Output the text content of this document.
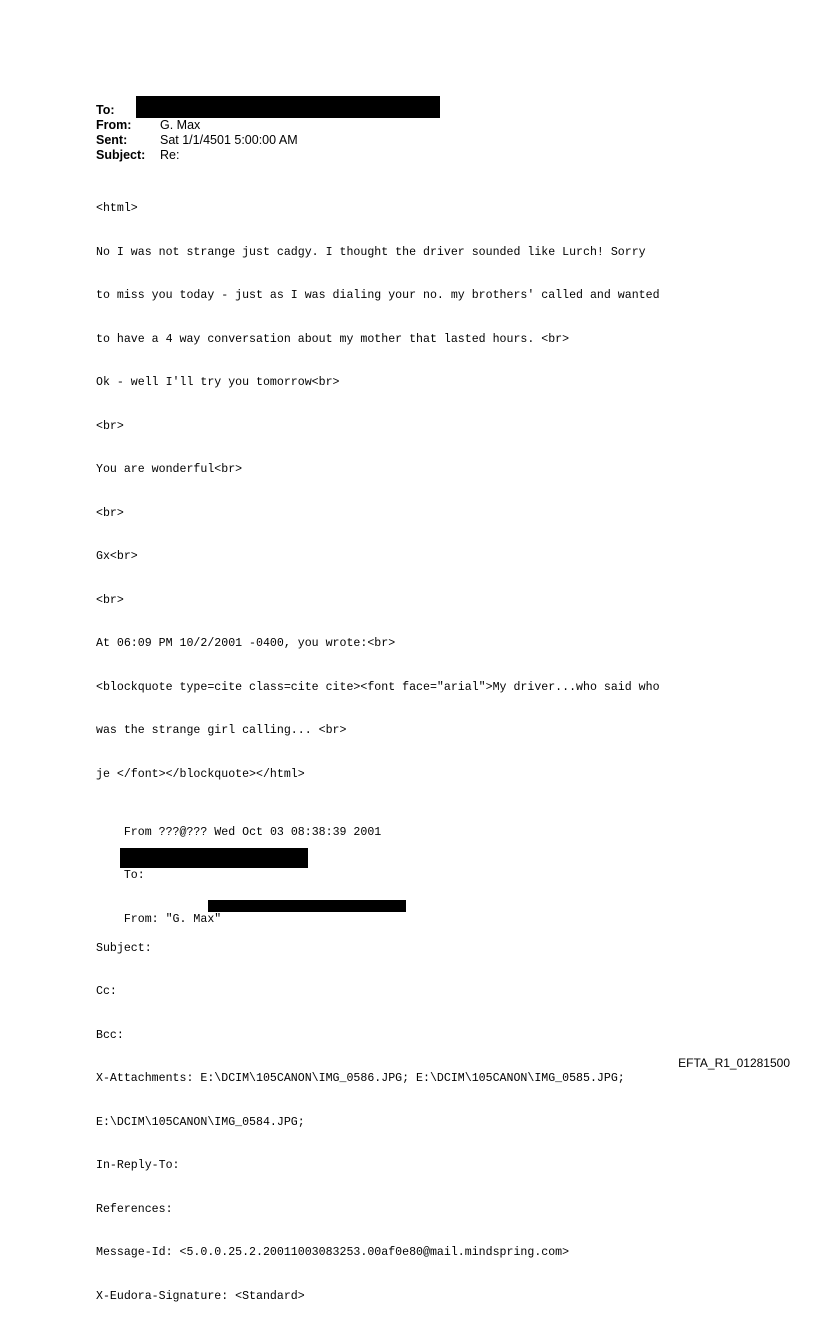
To:
From:	G. Max
Sent:	Sat 1/1/4501 5:00:00 AM
Subject:	Re:

<html>

No I was not strange just cadgy. I thought the driver sounded like Lurch! Sorry

to miss you today - just as I was dialing your no. my brothers' called and wanted

to have a 4 way conversation about my mother that lasted hours. <br>

Ok - well I'll try you tomorrow<br>

<br>

You are wonderful<br>

<br>

Gx<br>

<br>

At 06:09 PM 10/2/2001 -0400, you wrote:<br>

<blockquote type=cite class=cite cite><font face="arial">My driver...who said who

was the strange girl calling... <br>

je </font></blockquote></html>

From ???@??? Wed Oct 03 08:38:39 2001

To:

From: "G. Max"

Subject:

Cc:

Bcc:

X-Attachments: E:\DCIM\105CANON\IMG_0586.JPG; E:\DCIM\105CANON\IMG_0585.JPG;

E:\DCIM\105CANON\IMG_0584.JPG;

In-Reply-To:

References:

Message-Id: <5.0.0.25.2.20011003083253.00af0e80@mail.mindspring.com>

X-Eudora-Signature: <Standard>

EFTA_R1_01281500
